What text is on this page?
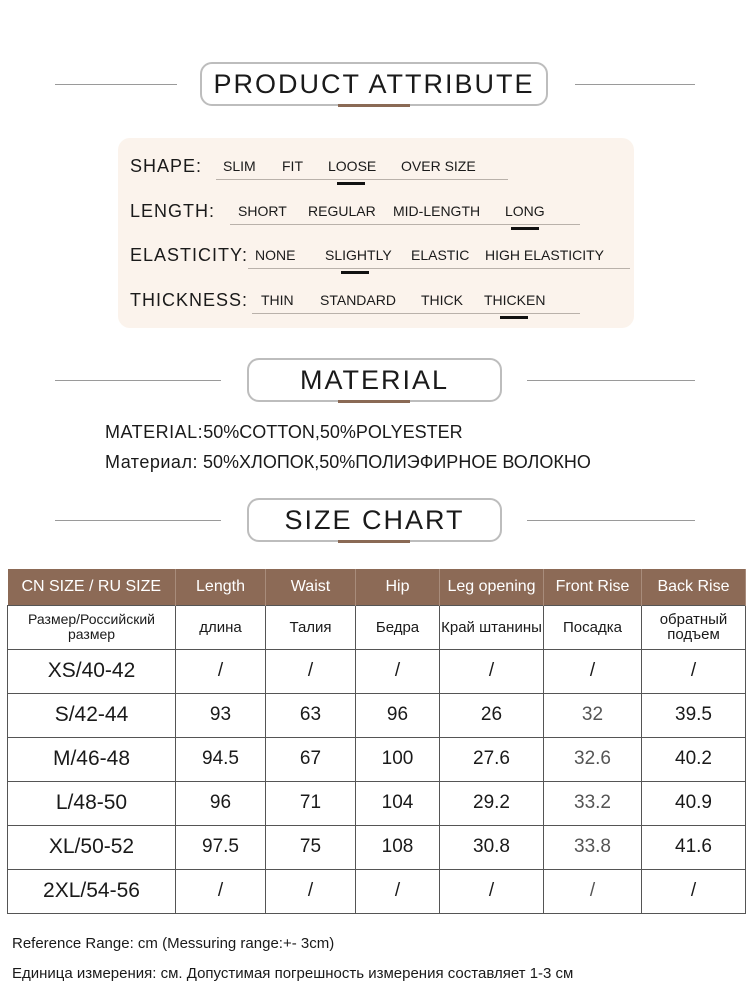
PRODUCT ATTRIBUTE
SHAPE: SLIM FIT LOOSE OVER SIZE
LENGTH: SHORT REGULAR MID-LENGTH LONG
ELASTICITY: NONE SLIGHTLY ELASTIC HIGH ELASTICITY
THICKNESS: THIN STANDARD THICK THICKEN
MATERIAL
MATERIAL:50%COTTON,50%POLYESTER
Материал: 50%ХЛОПОК,50%ПОЛИЭФИРНОЕ ВОЛОКНО
SIZE CHART
CN SIZE / RU SIZE	Length	Waist	Hip	Leg opening	Front Rise	Back Rise
Размер/Российский размер	длина	Талия	Бедра	Край штанины	Посадка	обратный подъем
XS/40-42	/	/	/	/	/	/
S/42-44	93	63	96	26	32	39.5
M/46-48	94.5	67	100	27.6	32.6	40.2
L/48-50	96	71	104	29.2	33.2	40.9
XL/50-52	97.5	75	108	30.8	33.8	41.6
2XL/54-56	/	/	/	/	/	/
Reference Range: cm (Messuring range:+- 3cm)
Единица измерения: см. Допустимая погрешность измерения составляет 1-3 см
